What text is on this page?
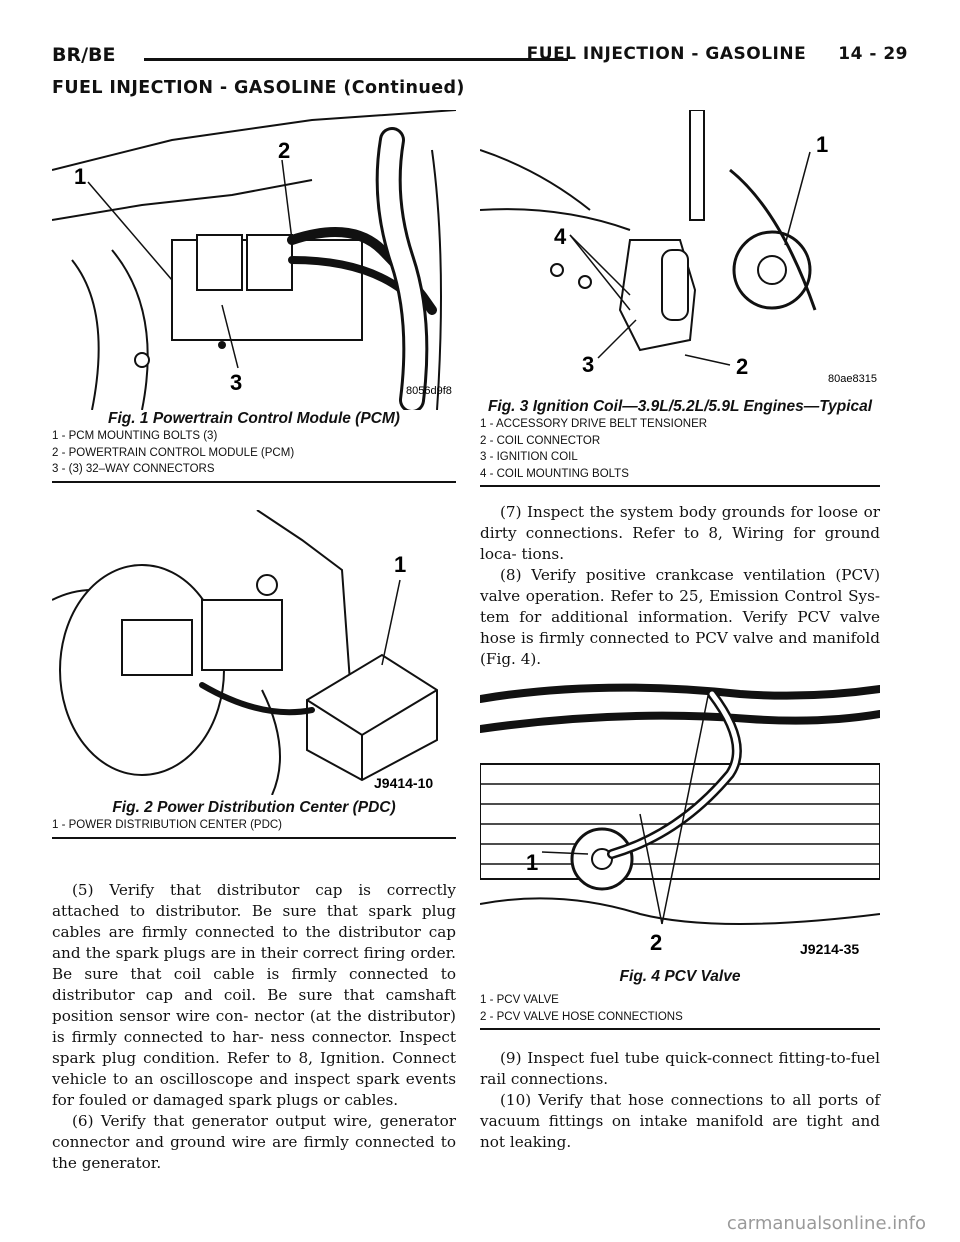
BR/BE	FUEL INJECTION - GASOLINE     14 - 29
FUEL INJECTION - GASOLINE (Continued)
1
2
3	8056d9f8
Fig. 1 Powertrain Control Module (PCM)
1 - PCM MOUNTING BOLTS (3)
2 - POWERTRAIN CONTROL MODULE (PCM)
3 - (3) 32–WAY CONNECTORS
1
2
3
4
80ae8315
Fig. 3 Ignition Coil—3.9L/5.2L/5.9L Engines—Typical
1 - ACCESSORY DRIVE BELT TENSIONER
2 - COIL CONNECTOR
3 - IGNITION COIL
4 - COIL MOUNTING BOLTS
1
J9414-10
Fig. 2 Power Distribution Center (PDC)
1 - POWER DISTRIBUTION CENTER (PDC)

(5) Verify that distributor cap is correctly attached to distributor. Be sure that spark plug cables are firmly connected to the distributor cap and the spark plugs are in their correct firing order. Be sure that coil cable is firmly connected to distributor cap and coil. Be sure that camshaft position sensor wire con- nector (at the distributor) is firmly connected to har- ness connector. Inspect spark plug condition. Refer to 8, Ignition. Connect vehicle to an oscilloscope and inspect spark events for fouled or damaged spark plugs or cables.

(6) Verify that generator output wire, generator connector and ground wire are firmly connected to the generator.

(7) Inspect the system body grounds for loose or dirty connections. Refer to 8, Wiring for ground loca- tions.

(8) Verify positive crankcase ventilation (PCV) valve operation. Refer to 25, Emission Control Sys- tem for additional information. Verify PCV valve hose is firmly connected to PCV valve and manifold (Fig. 4).

1
2	J9214-35
Fig. 4 PCV Valve
1 - PCV VALVE
2 - PCV VALVE HOSE CONNECTIONS

(9) Inspect fuel tube quick-connect fitting-to-fuel rail connections.

(10) Verify that hose connections to all ports of vacuum fittings on intake manifold are tight and not leaking.

carmanualsonline.info
